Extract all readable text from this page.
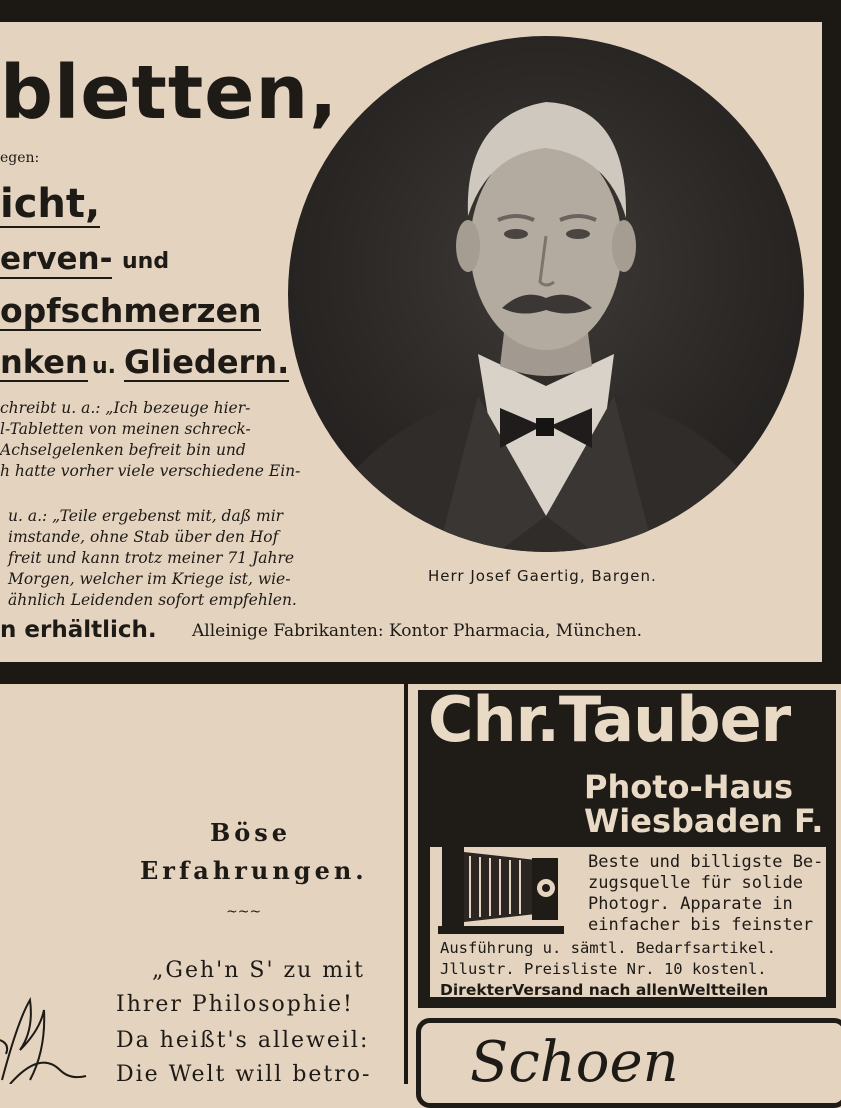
bletten,
egen:
icht,
erven- und
opfschmerzen
nken u. Gliedern.
chreibt u. a.: „Ich bezeuge hier-
l-Tabletten von meinen schreck-
Achselgelenken befreit bin und
h hatte vorher viele verschiedene Ein-
u. a.: „Teile ergebenst mit, daß mir
imstande, ohne Stab über den Hof
freit und kann trotz meiner 71 Jahre
Morgen, welcher im Kriege ist, wie-
ähnlich Leidenden sofort empfehlen.
Herr Josef Gaertig, Bargen.
n erhältlich. Alleinige Fabrikanten: Kontor Pharmacia, München.
Böse
Erfahrungen.
~~~
„Geh'n S' zu mit
Ihrer Philosophie!
Da heißt's alleweil:
Die Welt will betro-
Chr.Tauber
Photo-Haus
Wiesbaden F.
Beste und billigste Be-
zugsquelle für solide
Photogr. Apparate in
einfacher bis feinster
Ausführung u. sämtl. Bedarfsartikel.
Jllustr. Preisliste Nr. 10 kostenl.
DirekterVersand nach allenWeltteilen
Schoen
